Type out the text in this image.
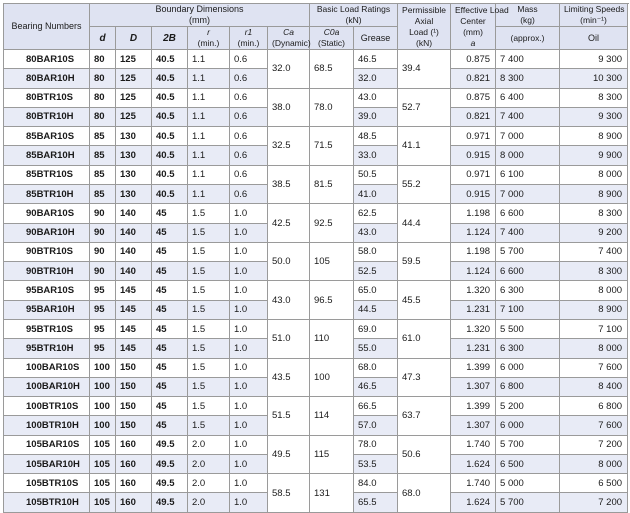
Bearing Numbers	Boundary Dimensions
(mm)						Basic Load Ratings
(kN)		Permissible
Axial
Load (¹)
(kN)	Effective Load
Center
(mm)
a	Mass
(kg)	Limiting Speeds
(min⁻¹)
	d	D	2B	r
(min.)	r1
(min.)	Ca
(Dynamic)	C0a
(Static)	Grease				Oil
											(approx.)	
80BAR10S	80	125	40.5	1.1	0.6	32.0	68.5	46.5	39.4	0.875	7 400	9 300
80BAR10H	80	125	40.5	1.1	0.6			32.0		0.821	8 300	10 300
80BTR10S	80	125	40.5	1.1	0.6	38.0	78.0	43.0	52.7	0.875	6 400	8 300
80BTR10H	80	125	40.5	1.1	0.6			39.0		0.821	7 400	9 300
85BAR10S	85	130	40.5	1.1	0.6	32.5	71.5	48.5	41.1	0.971	7 000	8 900
85BAR10H	85	130	40.5	1.1	0.6			33.0		0.915	8 000	9 900
85BTR10S	85	130	40.5	1.1	0.6	38.5	81.5	50.5	55.2	0.971	6 100	8 000
85BTR10H	85	130	40.5	1.1	0.6			41.0		0.915	7 000	8 900
90BAR10S	90	140	45	1.5	1.0	42.5	92.5	62.5	44.4	1.198	6 600	8 300
90BAR10H	90	140	45	1.5	1.0			43.0		1.124	7 400	9 200
90BTR10S	90	140	45	1.5	1.0	50.0	105	58.0	59.5	1.198	5 700	7 400
90BTR10H	90	140	45	1.5	1.0			52.5		1.124	6 600	8 300
95BAR10S	95	145	45	1.5	1.0	43.0	96.5	65.0	45.5	1.320	6 300	8 000
95BAR10H	95	145	45	1.5	1.0			44.5		1.231	7 100	8 900
95BTR10S	95	145	45	1.5	1.0	51.0	110	69.0	61.0	1.320	5 500	7 100
95BTR10H	95	145	45	1.5	1.0			55.0		1.231	6 300	8 000
100BAR10S	100	150	45	1.5	1.0	43.5	100	68.0	47.3	1.399	6 000	7 600
100BAR10H	100	150	45	1.5	1.0			46.5		1.307	6 800	8 400
100BTR10S	100	150	45	1.5	1.0	51.5	114	66.5	63.7	1.399	5 200	6 800
100BTR10H	100	150	45	1.5	1.0			57.0		1.307	6 000	7 600
105BAR10S	105	160	49.5	2.0	1.0	49.5	115	78.0	50.6	1.740	5 700	7 200
105BAR10H	105	160	49.5	2.0	1.0			53.5		1.624	6 500	8 000
105BTR10S	105	160	49.5	2.0	1.0	58.5	131	84.0	68.0	1.740	5 000	6 500
105BTR10H	105	160	49.5	2.0	1.0			65.5		1.624	5 700	7 200
